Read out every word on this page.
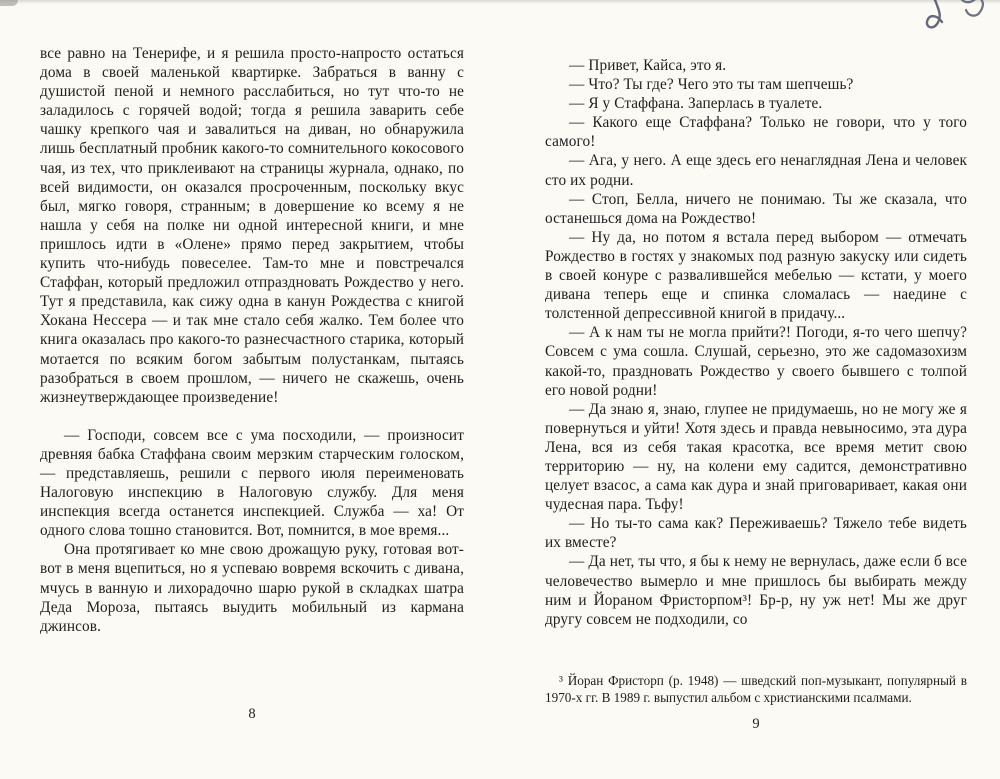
все равно на Тенерифе, и я решила просто-напросто остаться дома в своей маленькой квартирке. Забраться в ванну с душистой пеной и немного расслабиться, но тут что-то не заладилось с горячей водой; тогда я решила заварить себе чашку крепкого чая и завалиться на диван, но обнаружила лишь бесплатный пробник какого-то сомнительного кокосового чая, из тех, что приклеивают на страницы журнала, однако, по всей видимости, он оказался просроченным, поскольку вкус был, мягко говоря, странным; в довершение ко всему я не нашла у себя на полке ни одной интересной книги, и мне пришлось идти в «Олене» прямо перед закрытием, чтобы купить что-нибудь повеселее. Там-то мне и повстречался Стаффан, который предложил отпраздновать Рождество у него. Тут я представила, как сижу одна в канун Рождества с книгой Хокана Нессера — и так мне стало себя жалко. Тем более что книга оказалась про какого-то разнесчастного старика, который мотается по всяким богом забытым полустанкам, пытаясь разобраться в своем прошлом, — ничего не скажешь, очень жизнеутверждающее произведение!

— Господи, совсем все с ума посходили, — произносит древняя бабка Стаффана своим мерзким старческим голоском, — представляешь, решили с первого июля переименовать Налоговую инспекцию в Налоговую службу. Для меня инспекция всегда останется инспекцией. Служба — ха! От одного слова тошно становится. Вот, помнится, в мое время...

Она протягивает ко мне свою дрожащую руку, готовая вот-вот в меня вцепиться, но я успеваю вовремя вскочить с дивана, мчусь в ванную и лихорадочно шарю рукой в складках шатра Деда Мороза, пытаясь выудить мобильный из кармана джинсов.

— Привет, Кайса, это я.

— Что? Ты где? Чего это ты там шепчешь?

— Я у Стаффана. Заперлась в туалете.

— Какого еще Стаффана? Только не говори, что у того самого!

— Ага, у него. А еще здесь его ненаглядная Лена и человек сто их родни.

— Стоп, Белла, ничего не понимаю. Ты же сказала, что останешься дома на Рождество!

— Ну да, но потом я встала перед выбором — отмечать Рождество в гостях у знакомых под разную закуску или сидеть в своей конуре с развалившейся мебелью — кстати, у моего дивана теперь еще и спинка сломалась — наедине с толстенной депрессивной книгой в придачу...

— А к нам ты не могла прийти?! Погоди, я-то чего шепчу? Совсем с ума сошла. Слушай, серьезно, это же садомазохизм какой-то, праздновать Рождество у своего бывшего с толпой его новой родни!

— Да знаю я, знаю, глупее не придумаешь, но не могу же я повернуться и уйти! Хотя здесь и правда невыносимо, эта дура Лена, вся из себя такая красотка, все время метит свою территорию — ну, на колени ему садится, демонстративно целует взасос, а сама как дура и знай приговаривает, какая они чудесная пара. Тьфу!

— Но ты-то сама как? Переживаешь? Тяжело тебе видеть их вместе?

— Да нет, ты что, я бы к нему не вернулась, даже если б все человечество вымерло и мне пришлось бы выбирать между ним и Йораном Фристорпом³! Бр-р, ну уж нет! Мы же друг другу совсем не подходили, со

³ Йоран Фристорп (р. 1948) — шведский поп-музыкант, популярный в 1970-х гг. В 1989 г. выпустил альбом с христианскими псалмами.
8
9
